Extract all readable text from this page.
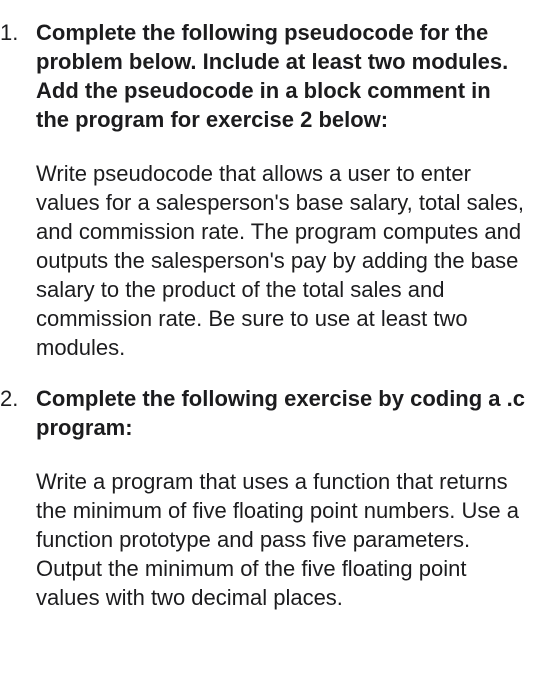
1. Complete the following pseudocode for the problem below. Include at least two modules. Add the pseudocode in a block comment in the program for exercise 2 below:

Write pseudocode that allows a user to enter values for a salesperson's base salary, total sales, and commission rate. The program computes and outputs the salesperson's pay by adding the base salary to the product of the total sales and commission rate. Be sure to use at least two modules.

2. Complete the following exercise by coding a .c program:

Write a program that uses a function that returns the minimum of five floating point numbers. Use a function prototype and pass five parameters. Output the minimum of the five floating point values with two decimal places.
